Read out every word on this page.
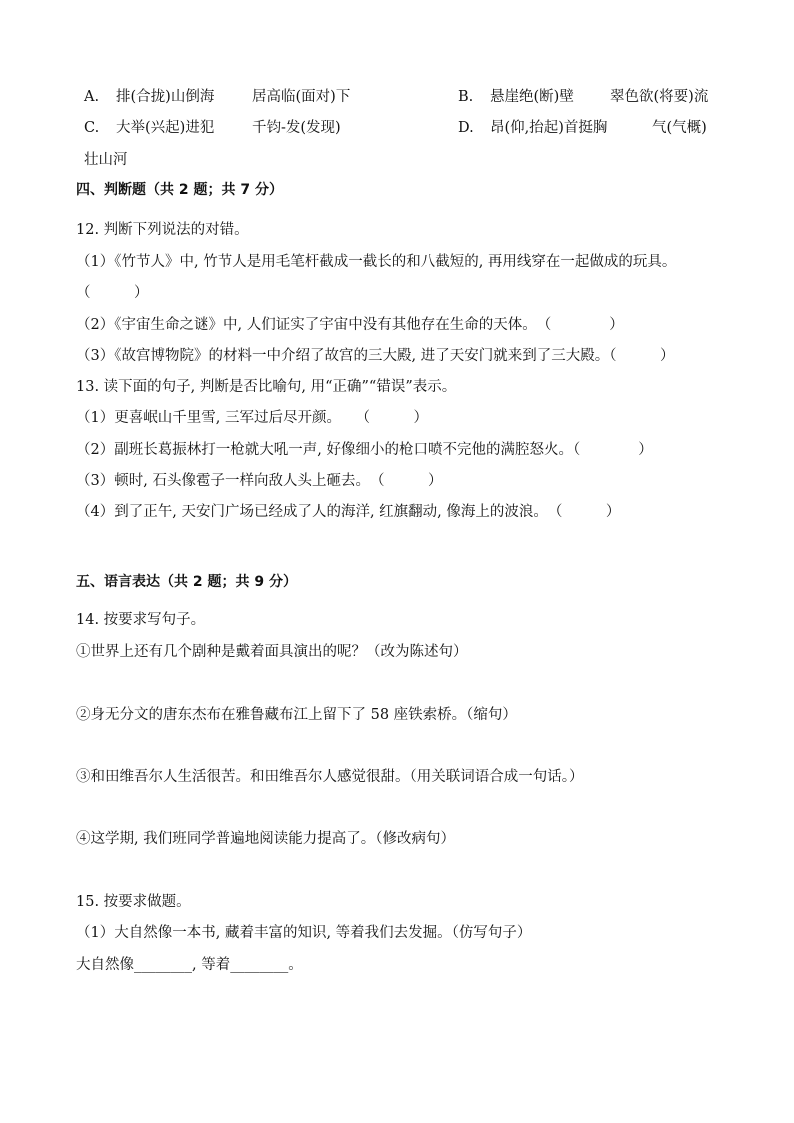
A. 排(合拢)山倒海	居高临(面对)下	B. 悬崖绝(断)壁 翠色欲(将要)流
C. 大举(兴起)进犯	千钧-发(发现)	D. 昂(仰,抬起)首挺胸	气(气概)
壮山河
四、判断题（共 2 题；共 7 分）
12. 判断下列说法的对错。
（1）《竹节人》中, 竹节人是用毛笔杆截成一截长的和八截短的, 再用线穿在一起做成的玩具。
（　　　）
（2）《宇宙生命之谜》中, 人们证实了宇宙中没有其他存在生命的天体。　（　　　　）
（3）《故宫博物院》的材料一中介绍了故宫的三大殿, 进了天安门就来到了三大殿。（　　　）
13. 读下面的句子, 判断是否比喻句, 用“正确”“错误”表示。
（1）更喜岷山千里雪, 三军过后尽开颜。　　（　　　）
（2）副班长葛振林打一枪就大吼一声, 好像细小的枪口喷不完他的满腔怒火。（　　　　）
（3）顿时, 石头像雹子一样向敌人头上砸去。　（　　　）
（4）到了正午, 天安门广场已经成了人的海洋, 红旗翻动, 像海上的波浪。　（　　　）
五、语言表达（共 2 题；共 9 分）
14. 按要求写句子。
①世界上还有几个剧种是戴着面具演出的呢？（改为陈述句）
②身无分文的唐东杰布在雅鲁藏布江上留下了 58 座铁索桥。（缩句）
③和田维吾尔人生活很苦。和田维吾尔人感觉很甜。（用关联词语合成一句话。）
④这学期, 我们班同学普遍地阅读能力提高了。（修改病句）
15. 按要求做题。
（1）大自然像一本书, 藏着丰富的知识, 等着我们去发掘。（仿写句子）
大自然像________, 等着________。
